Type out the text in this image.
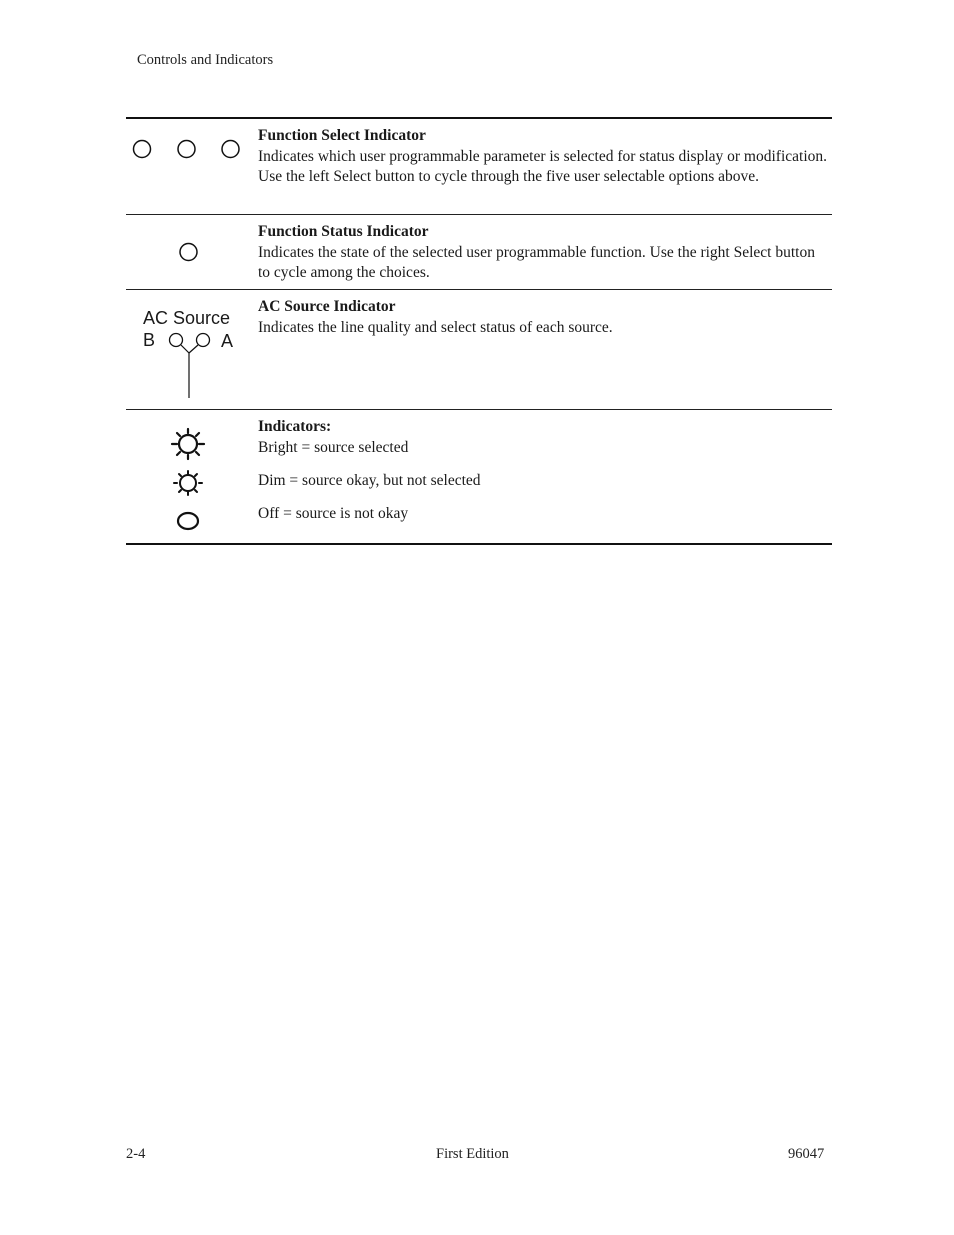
Controls and Indicators
Function Select Indicator
Indicates which user programmable parameter is selected for status display or modification. Use the left Select button to cycle through the five user selectable options above.
Function Status Indicator
Indicates the state of the selected user programmable function. Use the right Select button to cycle among the choices.
AC Source
B	A
AC Source Indicator
Indicates the line quality and select status of each source.
Indicators:
Bright = source selected
Dim = source okay, but not selected
Off = source is not okay
2-4	First Edition	96047
